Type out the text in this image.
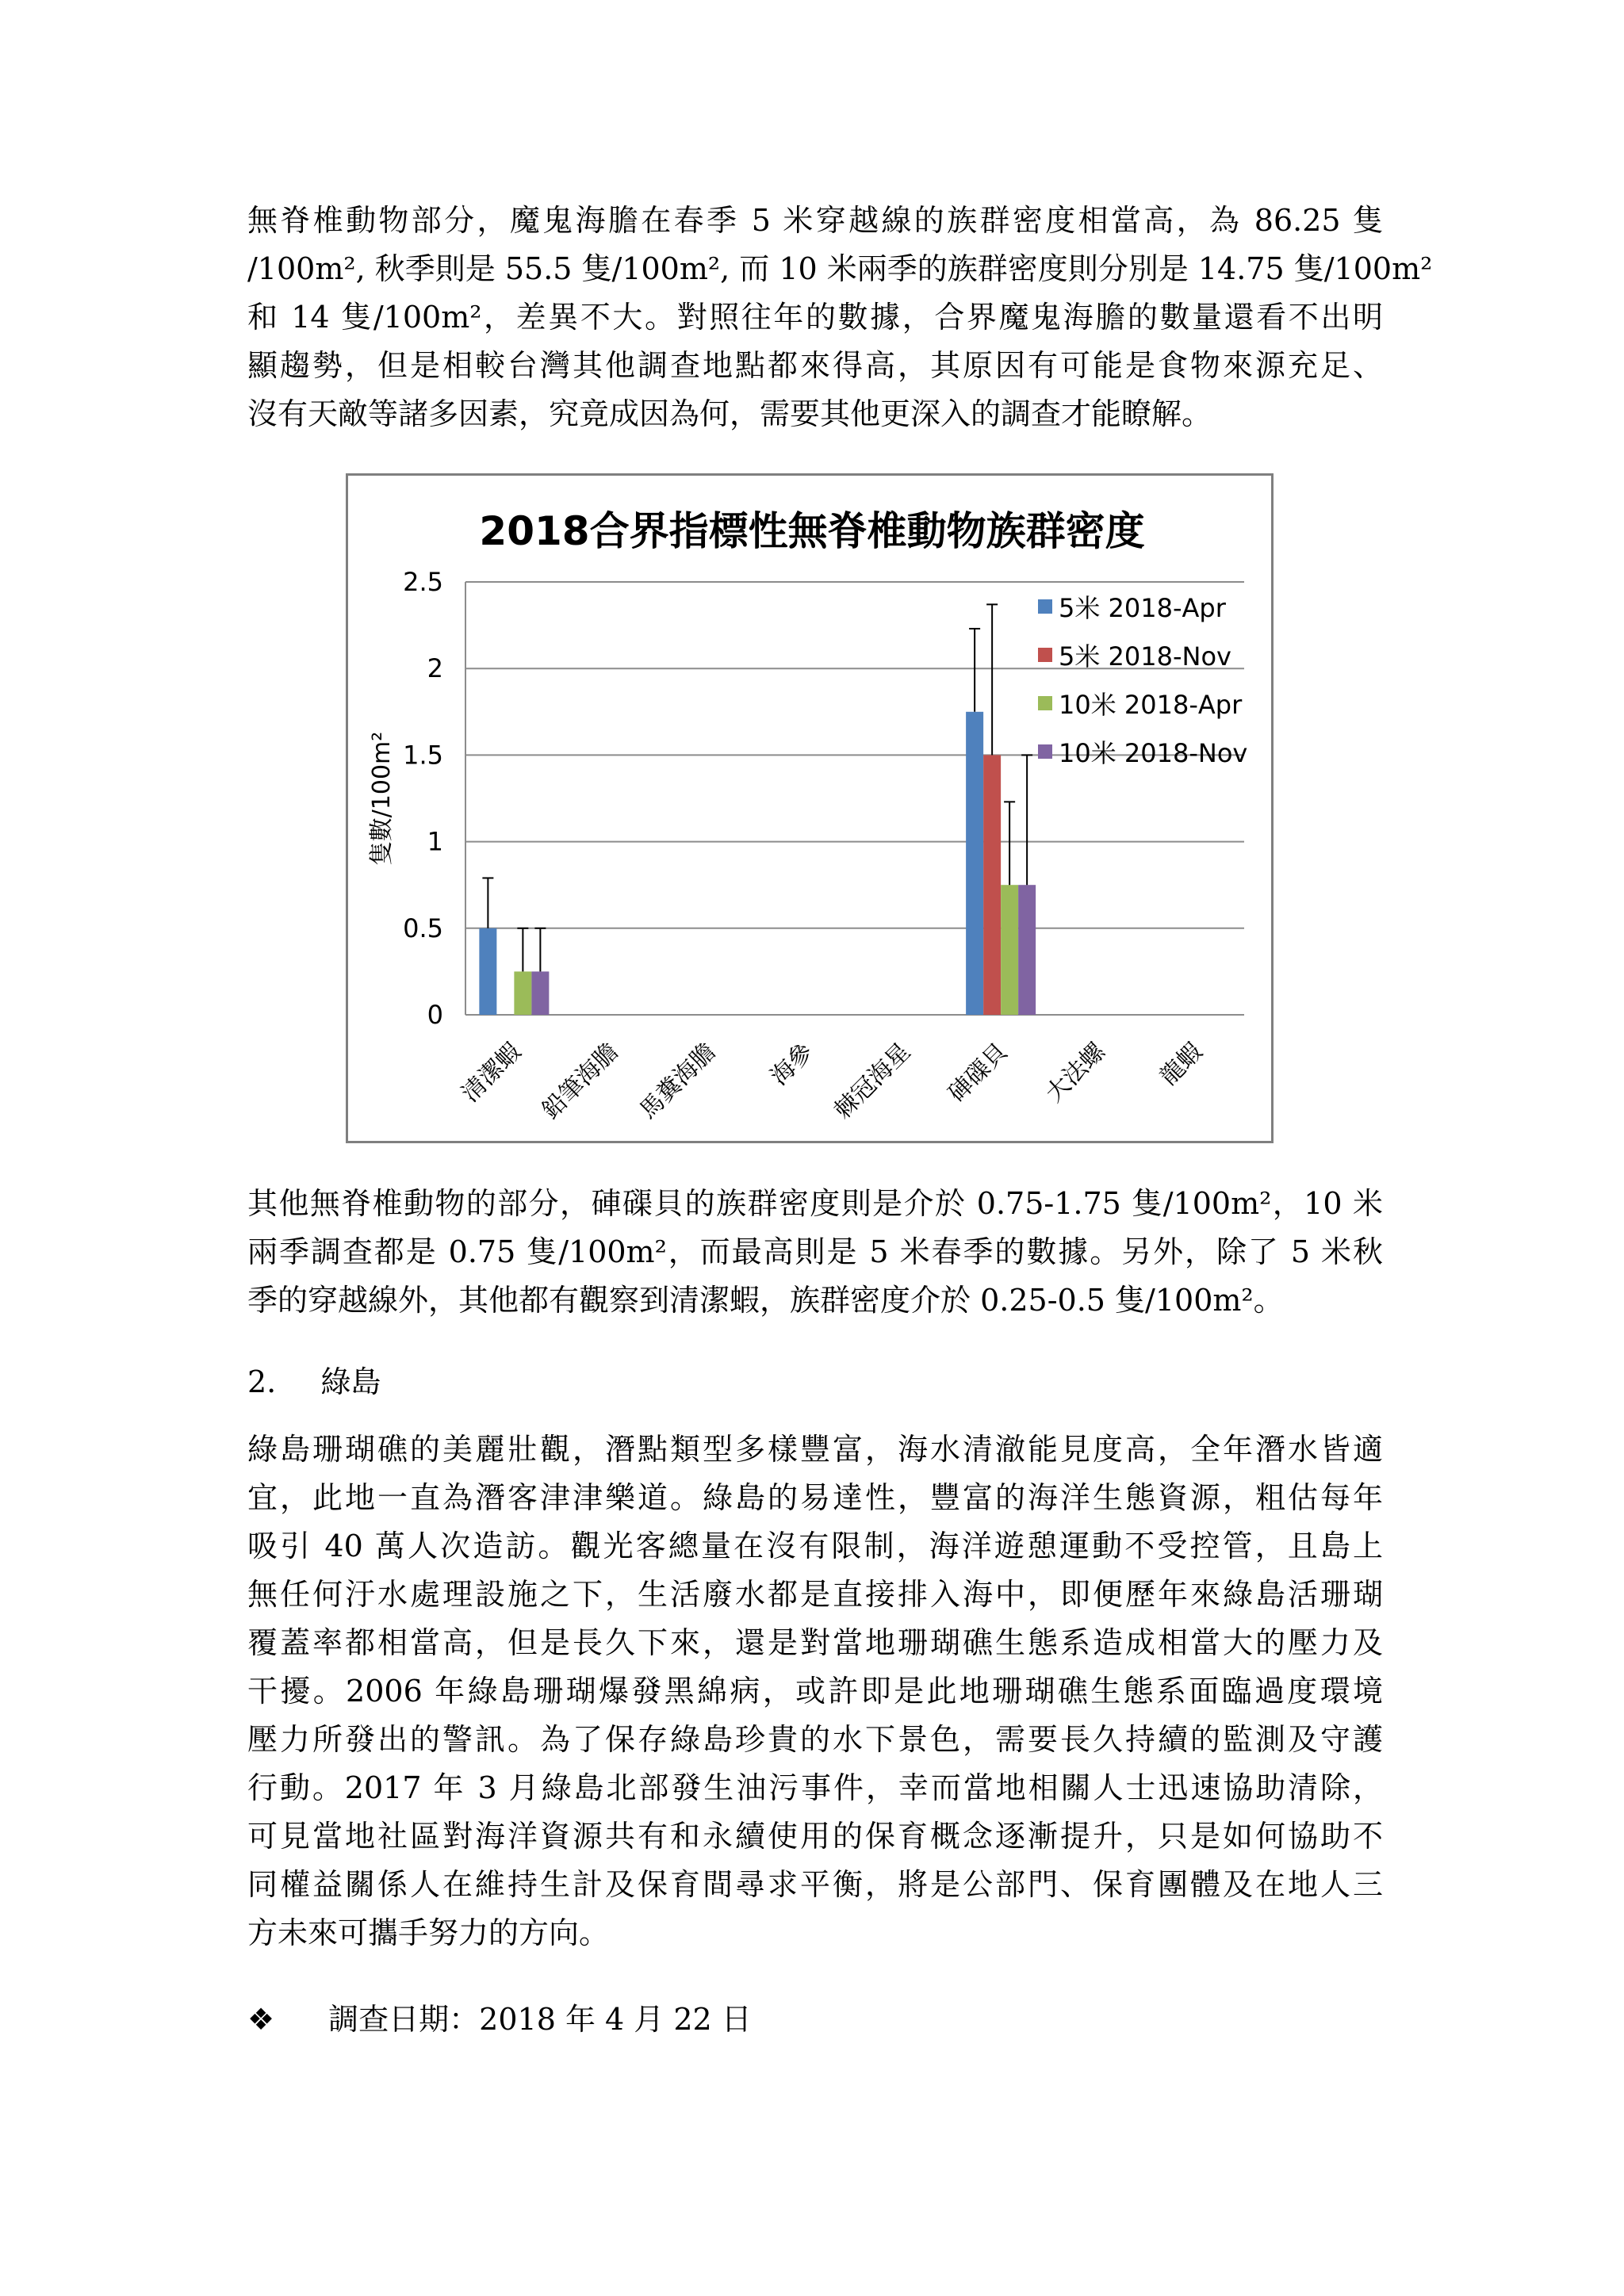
無脊椎動物部分，魔鬼海膽在春季 5 米穿越線的族群密度相當高，為 86.25 隻
/100m², 秋季則是 55.5 隻/100m², 而 10 米兩季的族群密度則分別是 14.75 隻/100m²
和 14 隻/100m²，差異不大。對照往年的數據，合界魔鬼海膽的數量還看不出明
顯趨勢，但是相較台灣其他調查地點都來得高，其原因有可能是食物來源充足、
沒有天敵等諸多因素，究竟成因為何，需要其他更深入的調查才能瞭解。
2018合界指標性無脊椎動物族群密度
0
0.5
1
1.5
2
2.5
隻數/100m²
清潔蝦 鉛筆海膽 馬糞海膽 海參 棘冠海星 硨磲貝 大法螺 龍蝦
5米 2018-Apr
5米 2018-Nov
10米 2018-Apr
10米 2018-Nov
其他無脊椎動物的部分，硨磲貝的族群密度則是介於 0.75-1.75 隻/100m²，10 米
兩季調查都是 0.75 隻/100m²，而最高則是 5 米春季的數據。另外，除了 5 米秋
季的穿越線外，其他都有觀察到清潔蝦，族群密度介於 0.25-0.5 隻/100m²。
2. 綠島
綠島珊瑚礁的美麗壯觀，潛點類型多樣豐富，海水清澈能見度高，全年潛水皆適
宜，此地一直為潛客津津樂道。綠島的易達性，豐富的海洋生態資源，粗估每年
吸引 40 萬人次造訪。觀光客總量在沒有限制，海洋遊憩運動不受控管，且島上
無任何汙水處理設施之下，生活廢水都是直接排入海中，即便歷年來綠島活珊瑚
覆蓋率都相當高，但是長久下來，還是對當地珊瑚礁生態系造成相當大的壓力及
干擾。2006 年綠島珊瑚爆發黑綿病，或許即是此地珊瑚礁生態系面臨過度環境
壓力所發出的警訊。為了保存綠島珍貴的水下景色，需要長久持續的監測及守護
行動。2017 年 3 月綠島北部發生油污事件，幸而當地相關人士迅速協助清除，
可見當地社區對海洋資源共有和永續使用的保育概念逐漸提升，只是如何協助不
同權益關係人在維持生計及保育間尋求平衡，將是公部門、保育團體及在地人三
方未來可攜手努力的方向。
❖ 調查日期：2018 年 4 月 22 日
